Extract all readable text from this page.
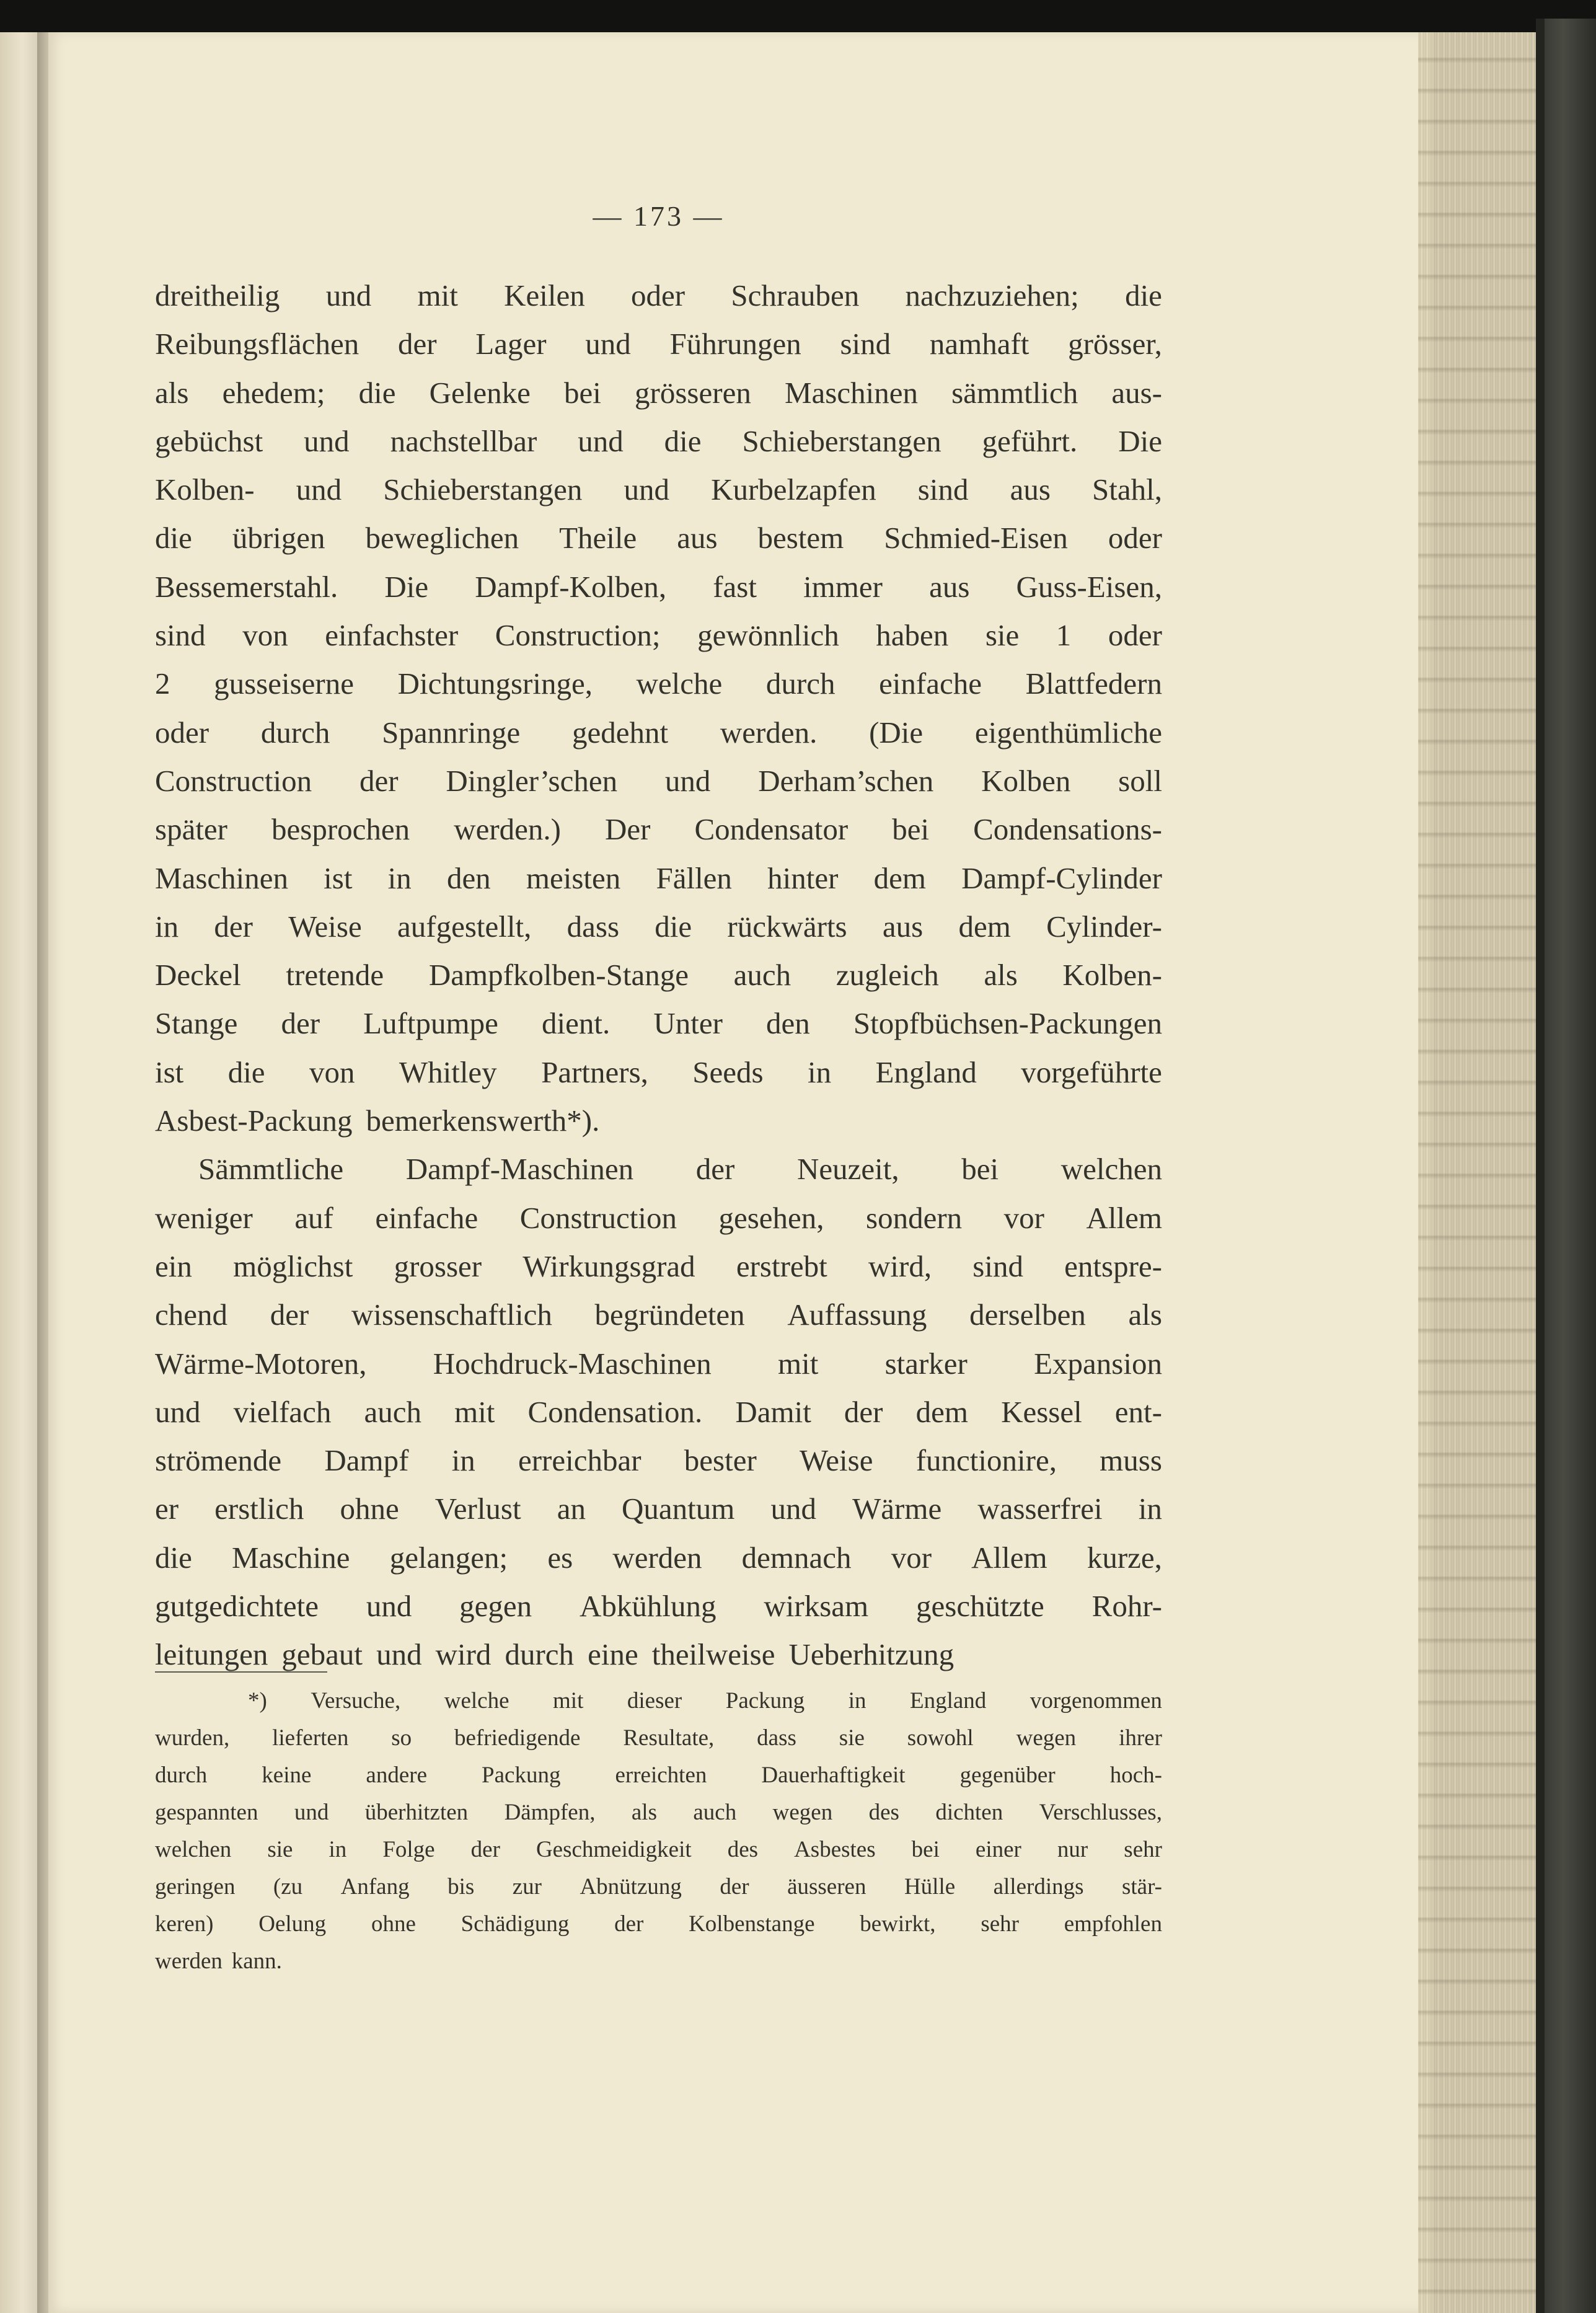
— 173 —
dreitheilig und mit Keilen oder Schrauben nachzuziehen; die
Reibungsflächen der Lager und Führungen sind namhaft grösser,
als ehedem; die Gelenke bei grösseren Maschinen sämmtlich aus-
gebüchst und nachstellbar und die Schieberstangen geführt. Die
Kolben- und Schieberstangen und Kurbelzapfen sind aus Stahl,
die übrigen beweglichen Theile aus bestem Schmied-Eisen oder
Bessemerstahl. Die Dampf-Kolben, fast immer aus Guss-Eisen,
sind von einfachster Construction; gewönnlich haben sie 1 oder
2 gusseiserne Dichtungsringe, welche durch einfache Blattfedern
oder durch Spannringe gedehnt werden. (Die eigenthümliche
Construction der Dingler’schen und Derham’schen Kolben soll
später besprochen werden.) Der Condensator bei Condensations-
Maschinen ist in den meisten Fällen hinter dem Dampf-Cylinder
in der Weise aufgestellt, dass die rückwärts aus dem Cylinder-
Deckel tretende Dampfkolben-Stange auch zugleich als Kolben-
Stange der Luftpumpe dient. Unter den Stopfbüchsen-Packungen
ist die von Whitley Partners, Seeds in England vorgeführte
Asbest-Packung bemerkenswerth*).
Sämmtliche Dampf-Maschinen der Neuzeit, bei welchen
weniger auf einfache Construction gesehen, sondern vor Allem
ein möglichst grosser Wirkungsgrad erstrebt wird, sind entspre-
chend der wissenschaftlich begründeten Auffassung derselben als
Wärme-Motoren, Hochdruck-Maschinen mit starker Expansion
und vielfach auch mit Condensation. Damit der dem Kessel ent-
strömende Dampf in erreichbar bester Weise functionire, muss
er erstlich ohne Verlust an Quantum und Wärme wasserfrei in
die Maschine gelangen; es werden demnach vor Allem kurze,
gutgedichtete und gegen Abkühlung wirksam geschützte Rohr-
leitungen gebaut und wird durch eine theilweise Ueberhitzung
*) Versuche, welche mit dieser Packung in England vorgenommen
wurden, lieferten so befriedigende Resultate, dass sie sowohl wegen ihrer
durch keine andere Packung erreichten Dauerhaftigkeit gegenüber hoch-
gespannten und überhitzten Dämpfen, als auch wegen des dichten Verschlusses,
welchen sie in Folge der Geschmeidigkeit des Asbestes bei einer nur sehr
geringen (zu Anfang bis zur Abnützung der äusseren Hülle allerdings stär-
keren) Oelung ohne Schädigung der Kolbenstange bewirkt, sehr empfohlen
werden kann.
